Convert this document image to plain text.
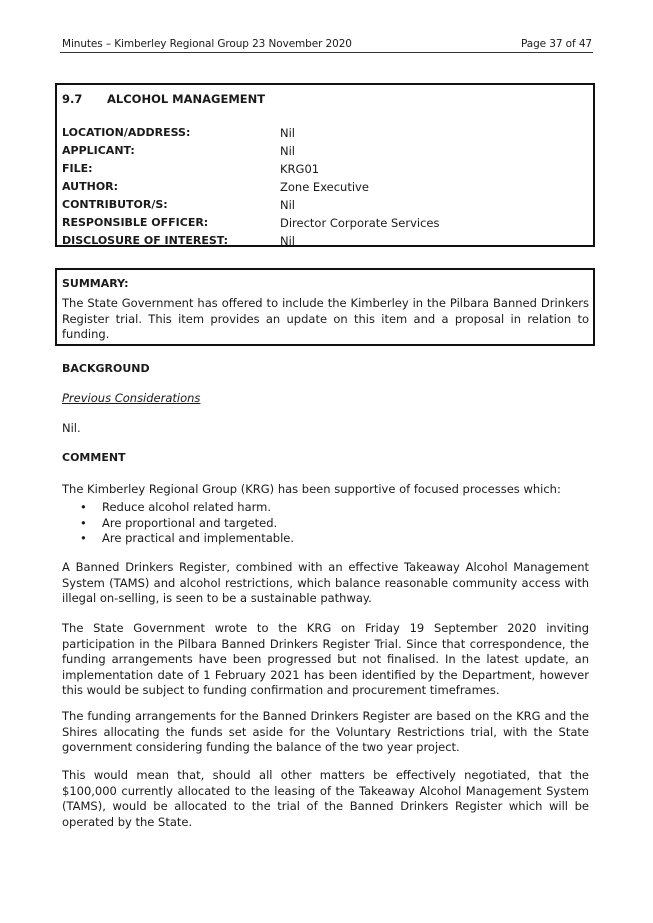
Minutes – Kimberley Regional Group 23 November 2020	Page 37 of 47
9.7 ALCOHOL MANAGEMENT
LOCATION/ADDRESS:	Nil
APPLICANT:	Nil
FILE:	KRG01
AUTHOR:	Zone Executive
CONTRIBUTOR/S:	Nil
RESPONSIBLE OFFICER:	Director Corporate Services
DISCLOSURE OF INTEREST:	Nil
SUMMARY:
The State Government has offered to include the Kimberley in the Pilbara Banned Drinkers Register trial. This item provides an update on this item and a proposal in relation to funding.
BACKGROUND
Previous Considerations
Nil.
COMMENT
The Kimberley Regional Group (KRG) has been supportive of focused processes which:
• Reduce alcohol related harm.
• Are proportional and targeted.
• Are practical and implementable.
A Banned Drinkers Register, combined with an effective Takeaway Alcohol Management System (TAMS) and alcohol restrictions, which balance reasonable community access with illegal on-selling, is seen to be a sustainable pathway.
The State Government wrote to the KRG on Friday 19 September 2020 inviting participation in the Pilbara Banned Drinkers Register Trial. Since that correspondence, the funding arrangements have been progressed but not finalised. In the latest update, an implementation date of 1 February 2021 has been identified by the Department, however this would be subject to funding confirmation and procurement timeframes.
The funding arrangements for the Banned Drinkers Register are based on the KRG and the Shires allocating the funds set aside for the Voluntary Restrictions trial, with the State government considering funding the balance of the two year project.
This would mean that, should all other matters be effectively negotiated, that the $100,000 currently allocated to the leasing of the Takeaway Alcohol Management System (TAMS), would be allocated to the trial of the Banned Drinkers Register which will be operated by the State.
